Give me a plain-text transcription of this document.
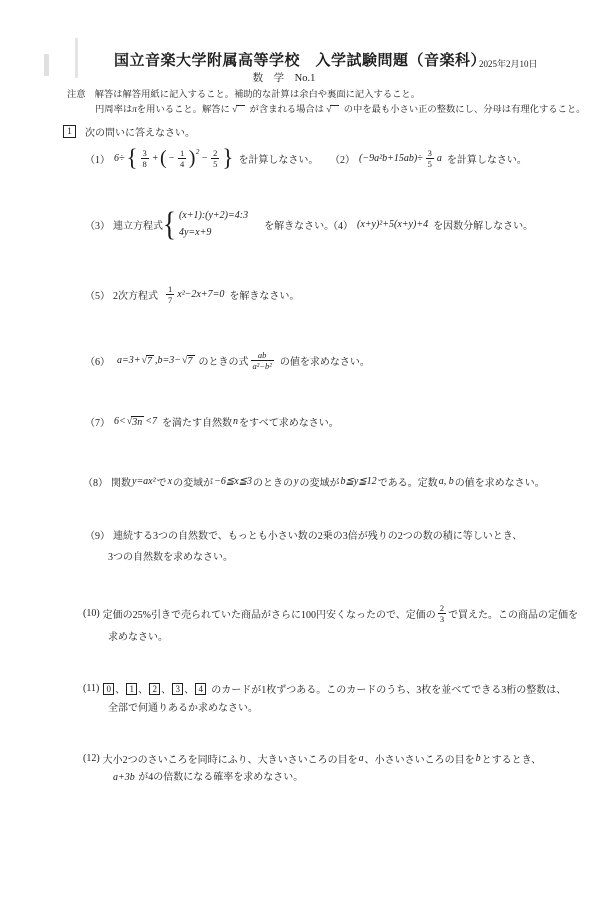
国立音楽大学附属高等学校　入学試験問題（音楽科）
2025年2月10日
数　学　No.1
注意 解答は解答用紙に記入すること。補助的な計算は余白や裏面に記入すること。
円周率はπを用いること。解答に √ が含まれる場合は √ の中を最も小さい正の整数にし、分母は有理化すること。
1 次の問いに答えなさい。
（1） 6÷ { $\frac{3}{8}$ + ( − $\frac{1}{4}$ ) 2
− $\frac{2}{5}$ } を計算しなさい。 （2） $(-9a^2b+15ab)\div \frac{3}{5}$ a を計算しなさい。
（3） 連立方程式 { (x+1):(y+2)=4:3
4y=x+9
を解きなさい。
（4） (x+y)²+5(x+y)+4 を因数分解しなさい。
（5） 2次方程式 $\frac{1}{7} x^2-2x+7=0$ を解きなさい。
（6） a=3+ √ 7 ,b=3− √ 7 のときの式 $\frac{ab}{\text{a²−b²}}$ の値を求めなさい。
（7） 6< √ 3n <7 を満たす自然数 n をすべて求めなさい。
（8） 関数 y=ax² で x の変域が −6≦x≦3 のときの y の変域が b≦y≦12 である。定数 a, b の値を求めなさい。
（9） 連続する3つの自然数で、もっとも小さい数の2乗の3倍が残りの2つの数の積に等しいとき、
3つの自然数を求めなさい。
(10) 定価の25%引きで売られていた商品がさらに100円安くなったので、定価の $\frac{2}{3}$ で買えた。この商品の定価を
求めなさい。
(11) 0 、 1 、 2 、 3 、 4 のカードが1枚ずつある。このカードのうち、3枚を並べてできる3桁の整数は、
全部で何通りあるか求めなさい。
(12) 大小2つのさいころを同時にふり、大きいさいころの目を a 、小さいさいころの目を b とするとき、
a+3b が4の倍数になる確率を求めなさい。
